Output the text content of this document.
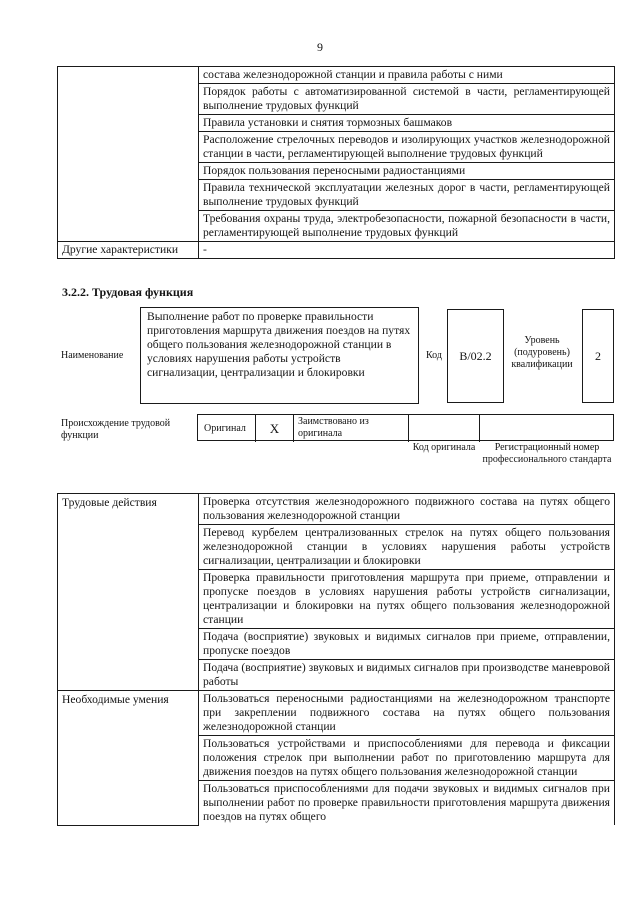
9
	состава железнодорожной станции и правила работы с ними
	Порядок работы с автоматизированной системой в части, регламентирующей выполнение трудовых функций
	Правила установки и снятия тормозных башмаков
	Расположение стрелочных переводов и изолирующих участков железнодорожной станции в части, регламентирующей выполнение трудовых функций
	Порядок пользования переносными радиостанциями
	Правила технической эксплуатации железных дорог в части, регламентирующей выполнение трудовых функций
	Требования охраны труда, электробезопасности, пожарной безопасности в части, регламентирующей выполнение трудовых функций
Другие характеристики	-
3.2.2. Трудовая функция
Наименование
Выполнение работ по проверке правильности приготовления маршрута движения поездов на путях общего пользования железнодорожной станции в условиях нарушения работы устройств сигнализации, централизации и блокировки
Код В/02.2
Уровень (подуровень) квалификации
2
Происхождение трудовой функции
Оригинал X Заимствовано из оригинала
Код оригинала	Регистрационный номер профессионального стандарта
Трудовые действия	Проверка отсутствия железнодорожного подвижного состава на путях общего пользования железнодорожной станции
	Перевод курбелем централизованных стрелок на путях общего пользования железнодорожной станции в условиях нарушения работы устройств сигнализации, централизации и блокировки
	Проверка правильности приготовления маршрута при приеме, отправлении и пропуске поездов в условиях нарушения работы устройств сигнализации, централизации и блокировки на путях общего пользования железнодорожной станции
	Подача (восприятие) звуковых и видимых сигналов при приеме, отправлении, пропуске поездов
	Подача (восприятие) звуковых и видимых сигналов при производстве маневровой работы
Необходимые умения	Пользоваться переносными радиостанциями на железнодорожном транспорте при закреплении подвижного состава на путях общего пользования железнодорожной станции
	Пользоваться устройствами и приспособлениями для перевода и фиксации положения стрелок при выполнении работ по приготовлению маршрута для движения поездов на путях общего пользования железнодорожной станции
	Пользоваться приспособлениями для подачи звуковых и видимых сигналов при выполнении работ по проверке правильности приготовления маршрута движения поездов на путях общего
